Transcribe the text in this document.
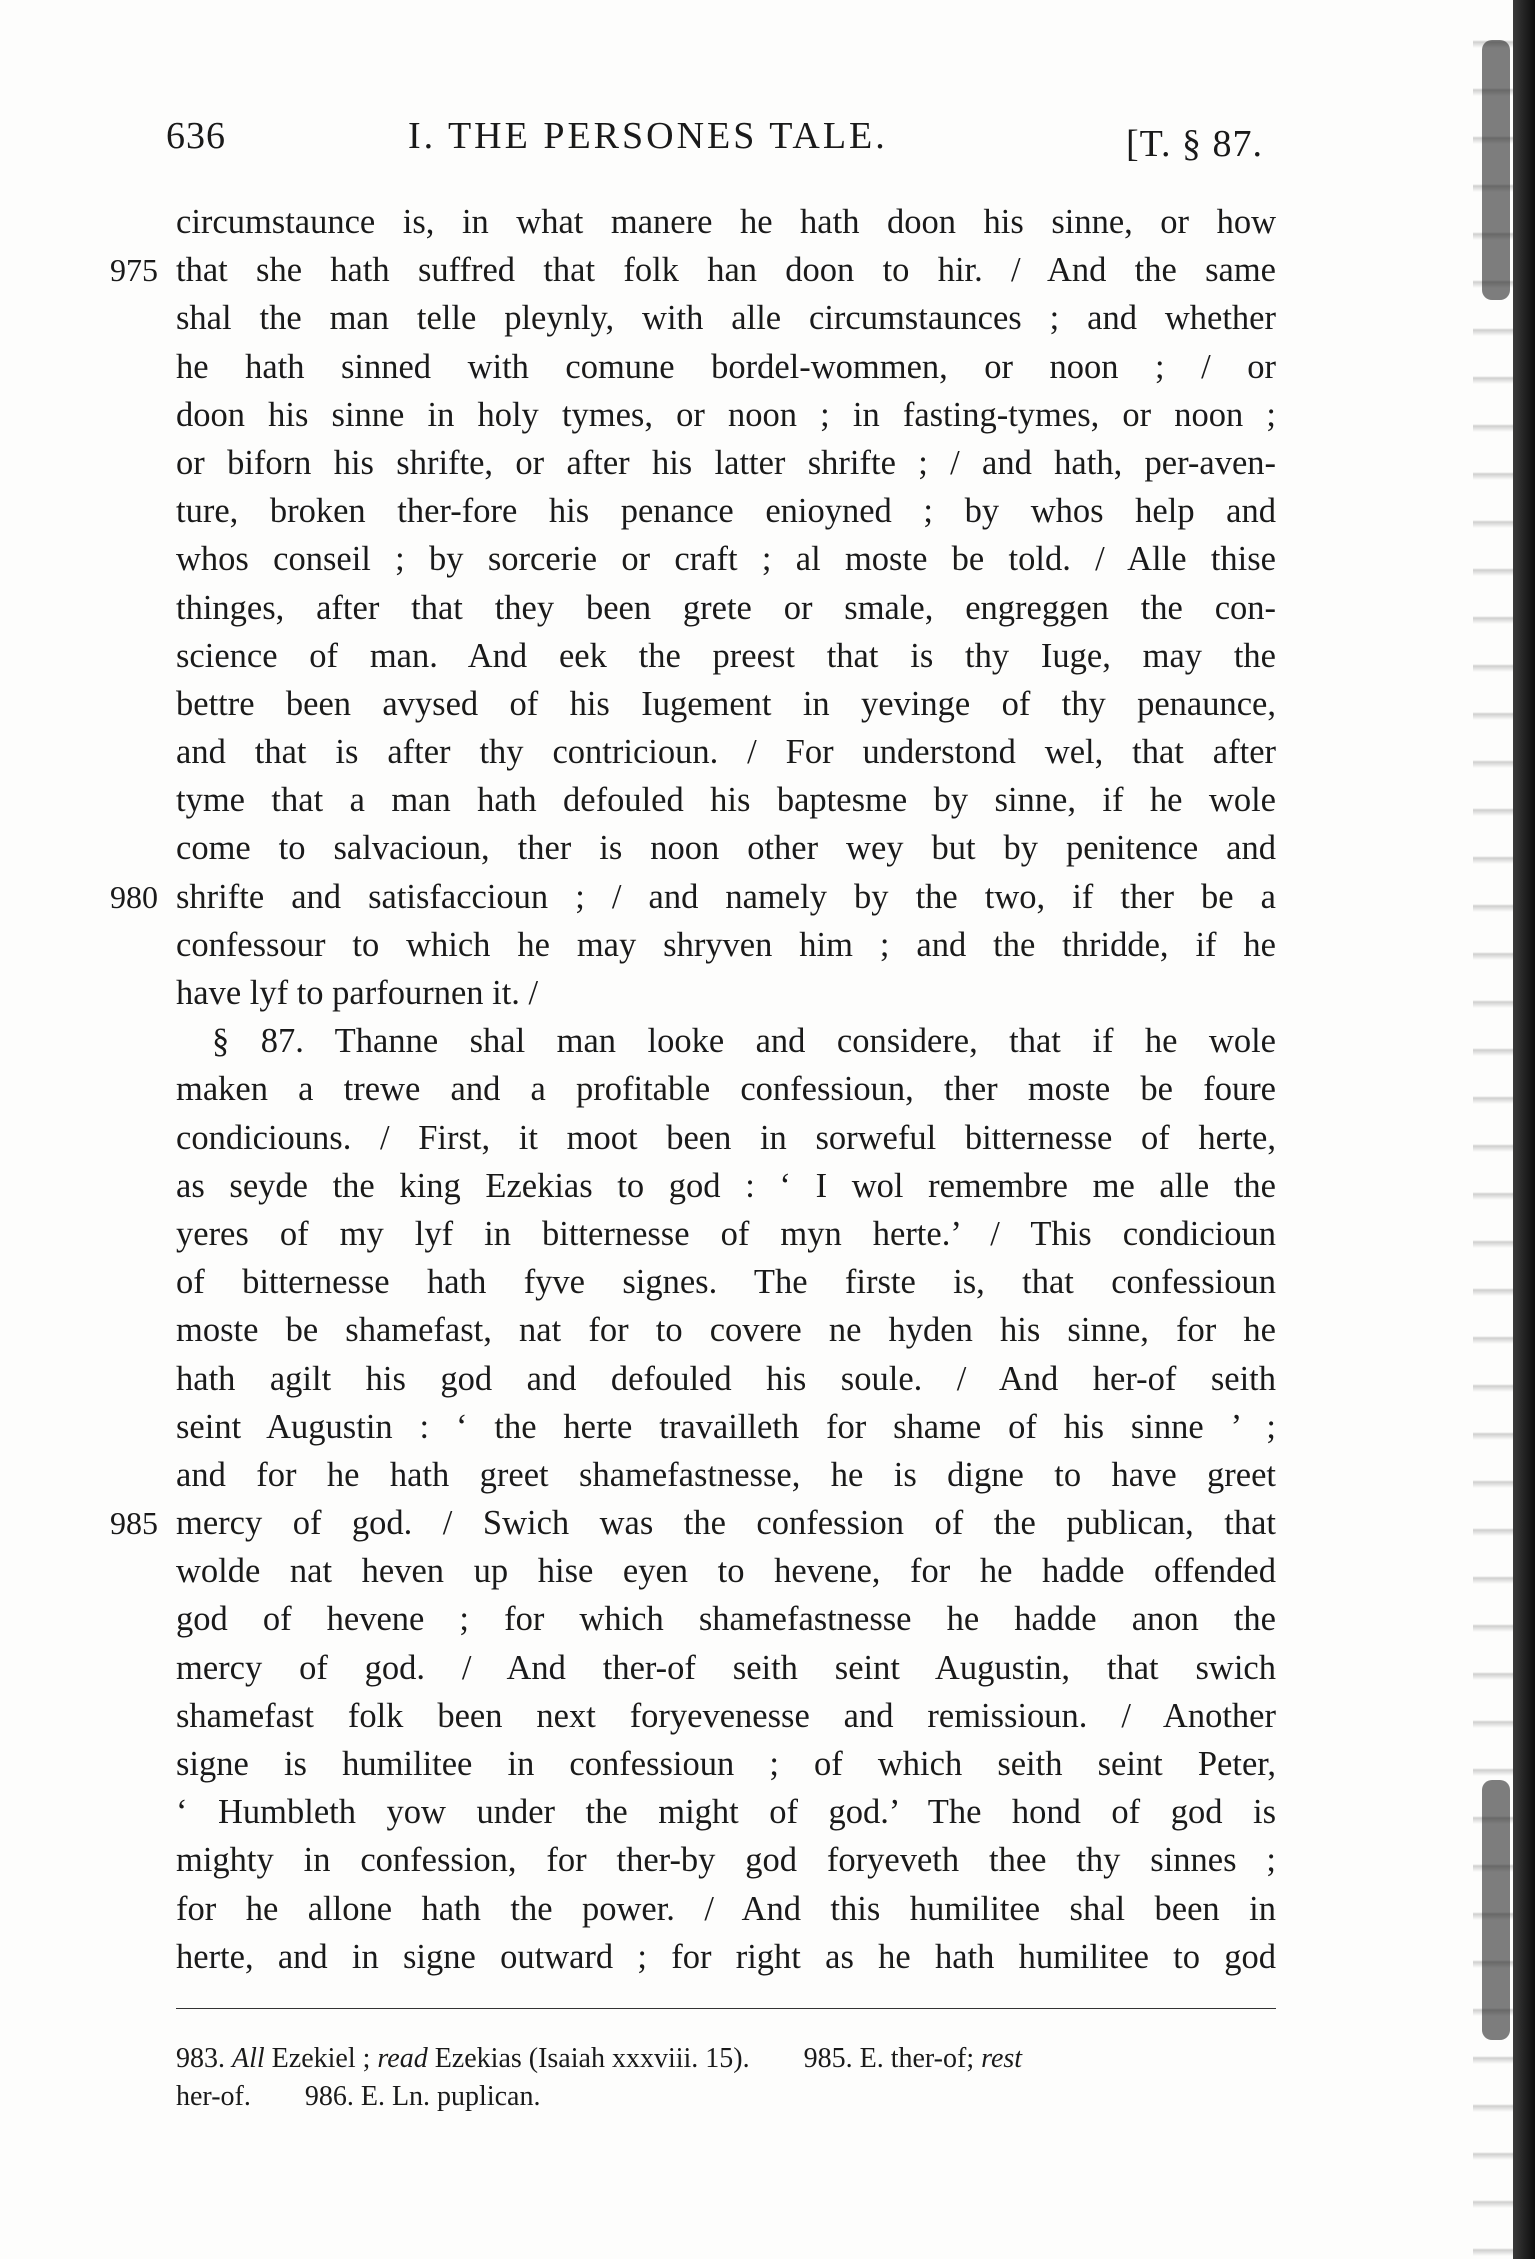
636	I. THE PERSONES TALE.	[T. § 87.
circumstaunce is, in what manere he hath doon his sinne, or how
975 that she hath suffred that folk han doon to hir. / And the same
shal the man telle pleynly, with alle circumstaunces ; and whether
he hath sinned with comune bordel-wommen, or noon ; / or
doon his sinne in holy tymes, or noon ; in fasting-tymes, or noon ;
or biforn his shrifte, or after his latter shrifte ; / and hath, per-aven-
ture, broken ther-fore his penance enioyned ; by whos help and
whos conseil ; by sorcerie or craft ; al moste be told. / Alle thise
thinges, after that they been grete or smale, engreggen the con-
science of man. And eek the preest that is thy Iuge, may the
bettre been avysed of his Iugement in yevinge of thy penaunce,
and that is after thy contricioun. / For understond wel, that after
tyme that a man hath defouled his baptesme by sinne, if he wole
come to salvacioun, ther is noon other wey but by penitence and
980 shrifte and satisfaccioun ; / and namely by the two, if ther be a
confessour to which he may shryven him ; and the thridde, if he
have lyf to parfournen it. /
§ 87. Thanne shal man looke and considere, that if he wole
maken a trewe and a profitable confessioun, ther moste be foure
condiciouns. / First, it moot been in sorweful bitternesse of herte,
as seyde the king Ezekias to god : ‘ I wol remembre me alle the
yeres of my lyf in bitternesse of myn herte.’ / This condicioun
of bitternesse hath fyve signes. The firste is, that confessioun
moste be shamefast, nat for to covere ne hyden his sinne, for he
hath agilt his god and defouled his soule. / And her-of seith
seint Augustin : ‘ the herte travailleth for shame of his sinne ’ ;
and for he hath greet shamefastnesse, he is digne to have greet
985 mercy of god. / Swich was the confession of the publican, that
wolde nat heven up hise eyen to hevene, for he hadde offended
god of hevene ; for which shamefastnesse he hadde anon the
mercy of god. / And ther-of seith seint Augustin, that swich
shamefast folk been next foryevenesse and remissioun. / Another
signe is humilitee in confessioun ; of which seith seint Peter,
‘ Humbleth yow under the might of god.’ The hond of god is
mighty in confession, for ther-by god foryeveth thee thy sinnes ;
for he allone hath the power. / And this humilitee shal been in
herte, and in signe outward ; for right as he hath humilitee to god
983. All Ezekiel ; read Ezekias (Isaiah xxxviii. 15). 985. E. ther-of; rest
her-of. 986. E. Ln. puplican.
